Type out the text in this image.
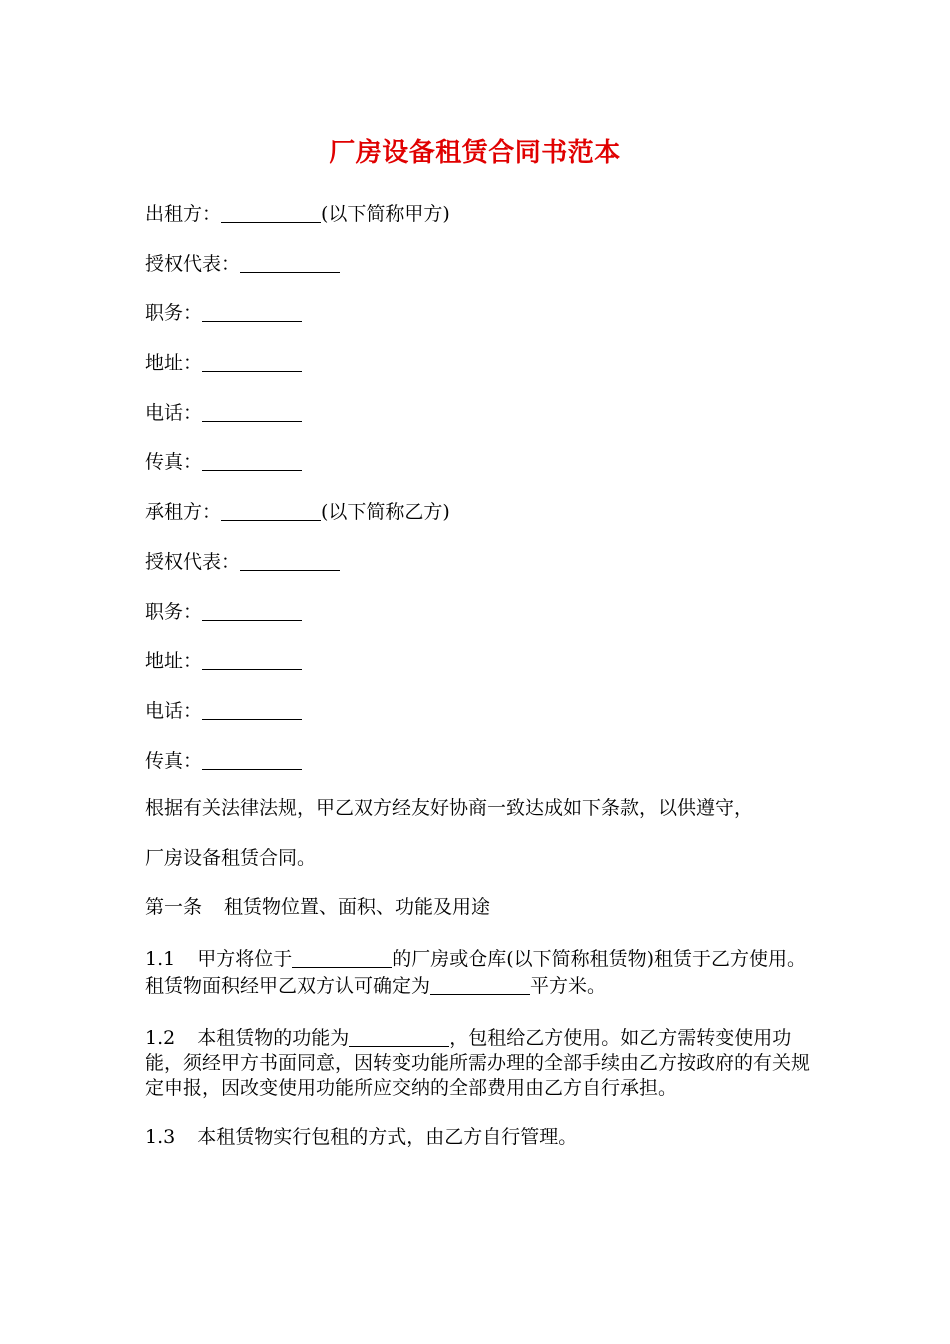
厂房设备租赁合同书范本
出租方：	(以下简称甲方)
授权代表：
职务：
地址：
电话：
传真：
承租方：	(以下简称乙方)
授权代表：
职务：
地址：
电话：
传真：

根据有关法律法规，甲乙双方经友好协商一致达成如下条款，以供遵守，

厂房设备租赁合同。

第一条 租赁物位置、面积、功能及用途

1.1 甲方将位于	的厂房或仓库(以下简称租赁物)租赁于乙方使用。租赁物面积经甲乙双方认可确定为	平方米。

1.2 本租赁物的功能为	，包租给乙方使用。如乙方需转变使用功能，须经甲方书面同意，因转变功能所需办理的全部手续由乙方按政府的有关规定申报，因改变使用功能所应交纳的全部费用由乙方自行承担。

1.3 本租赁物实行包租的方式，由乙方自行管理。
